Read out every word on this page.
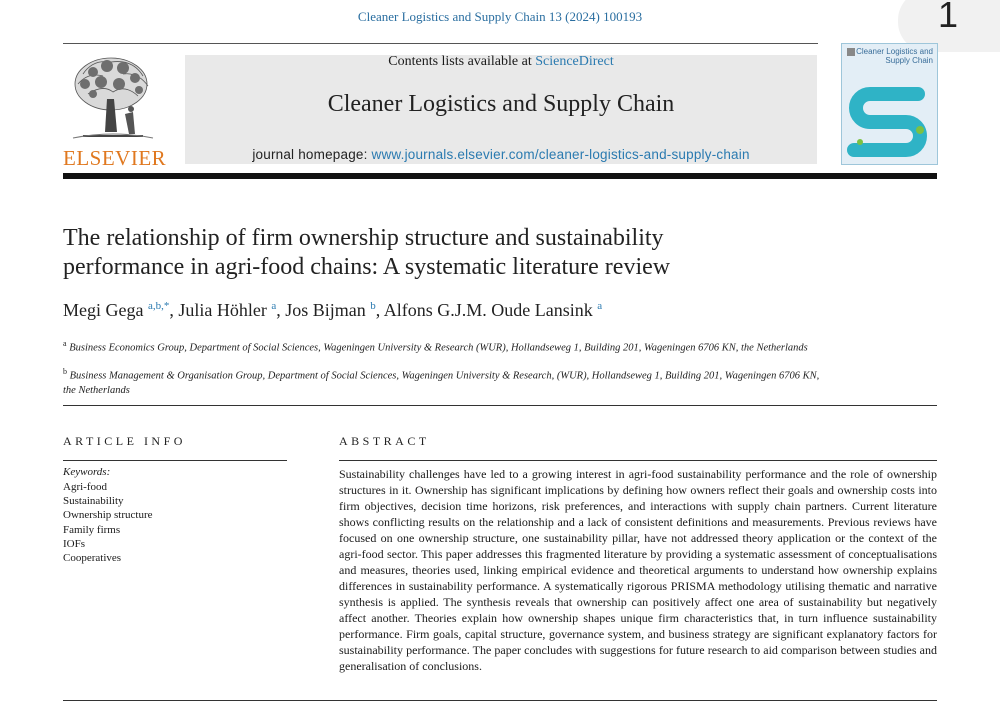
Cleaner Logistics and Supply Chain 13 (2024) 100193	1
ELSEVIER
Contents lists available at ScienceDirect
Cleaner Logistics and Supply Chain
journal homepage: www.journals.elsevier.com/cleaner-logistics-and-supply-chain
Cleaner Logistics and Supply Chain
The relationship of firm ownership structure and sustainability performance in agri-food chains: A systematic literature review
Megi Gega $^{a,b,*}$, Julia Höhler $^a$, Jos Bijman $^b$, Alfons G.J.M. Oude Lansink $^a$
$^a$ Business Economics Group, Department of Social Sciences, Wageningen University & Research (WUR), Hollandseweg 1, Building 201, Wageningen 6706 KN, the Netherlands
$^b$ Business Management & Organisation Group, Department of Social Sciences, Wageningen University & Research, (WUR), Hollandseweg 1, Building 201, Wageningen 6706 KN, the Netherlands
ARTICLE INFO
Keywords:
Agri-food
Sustainability
Ownership structure
Family firms
IOFs
Cooperatives
ABSTRACT
Sustainability challenges have led to a growing interest in agri-food sustainability performance and the role of ownership structures in it. Ownership has significant implications by defining how owners reflect their goals and ownership costs into firm objectives, decision time horizons, risk preferences, and interactions with supply chain partners. Current literature shows conflicting results on the relationship and a lack of consistent definitions and measurements. Previous reviews have focused on one ownership structure, one sustainability pillar, have not addressed theory application or the context of the agri-food sector. This paper addresses this fragmented literature by providing a systematic assessment of conceptualisations and measures, theories used, linking empirical evidence and theoretical arguments to understand how ownership explains differences in sustainability performance. A systematically rigorous PRISMA methodology utilising thematic and narrative synthesis is applied. The synthesis reveals that ownership can positively affect one area of sustainability but negatively affect another. Theories explain how ownership shapes unique firm characteristics that, in turn influence sustainability performance. Firm goals, capital structure, governance system, and business strategy are significant explanatory factors for sustainability performance. The paper concludes with suggestions for future research to aid comparison between studies and generalisation of conclusions.
